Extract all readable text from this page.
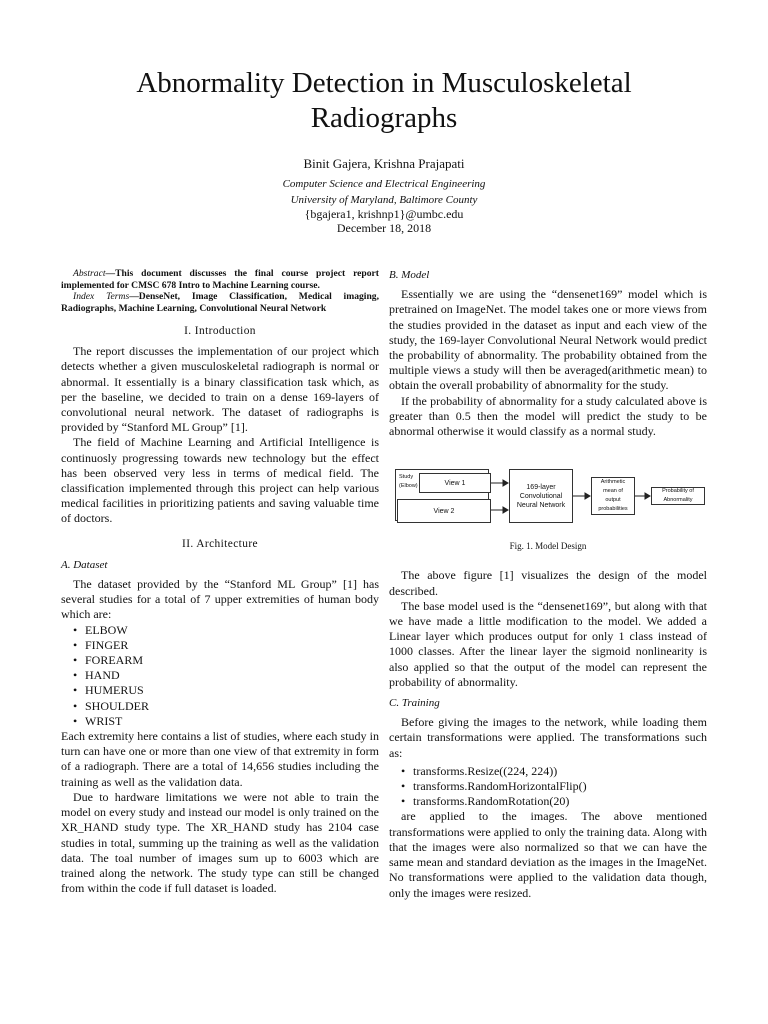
Abnormality Detection in Musculoskeletal Radiographs
Binit Gajera, Krishna Prajapati
Computer Science and Electrical Engineering
University of Maryland, Baltimore County
{bgajera1, krishnp1}@umbc.edu
December 18, 2018

Abstract—This document discusses the final course project report implemented for CMSC 678 Intro to Machine Learning course.

Index Terms—DenseNet, Image Classification, Medical imaging, Radiographs, Machine Learning, Convolutional Neural Network

I. Introduction

The report discusses the implementation of our project which detects whether a given musculoskeletal radiograph is normal or abnormal. It essentially is a binary classification task which, as per the baseline, we decided to train on a dense 169-layers of convolutional neural network. The dataset of radiographs is provided by “Stanford ML Group” [1].

The field of Machine Learning and Artificial Intelligence is continuosly progressing towards new technology but the effect has been observed very less in terms of medical field. The classification implemented through this project can help various medical facilities in prioritizing patients and saving valuable time of doctors.

II. Architecture
A. Dataset

The dataset provided by the “Stanford ML Group” [1] has several studies for a total of 7 upper extremities of human body which are:

• ELBOW
• FINGER
• FOREARM
• HAND
• HUMERUS
• SHOULDER
• WRIST

Each extremity here contains a list of studies, where each study in turn can have one or more than one view of that extremity in form of a radiograph. There are a total of 14,656 studies including the training as well as the validation data.

Due to hardware limitations we were not able to train the model on every study and instead our model is only trained on the XR_HAND study type. The XR_HAND study has 2104 case studies in total, summing up the training as well as the validation data. The toal number of images sum up to 6003 which are trained along the network. The study type can still be changed from within the code if full dataset is loaded.

B. Model

Essentially we are using the “densenet169” model which is pretrained on ImageNet. The model takes one or more views from the studies provided in the dataset as input and each view of the study, the 169-layer Convolutional Neural Network would predict the probability of abnormality. The probability obtained from the multiple views a study will then be averaged(arithmetic mean) to obtain the overall probability of abnormality for the study.

If the probability of abnormality for a study calculated above is greater than 0.5 then the model will predict the study to be abnormal otherwise it would classify as a normal study.

Study (Elbow)	View 1
View 2
169-layer Convolutional Neural Network
Arithmetic mean of output probabilities
Probability of Abnormality
Fig. 1. Model Design

The above figure [1] visualizes the design of the model described.

The base model used is the “densenet169”, but along with that we have made a little modification to the model. We added a Linear layer which produces output for only 1 class instead of 1000 classes. After the linear layer the sigmoid nonlinearity is also applied so that the output of the model can represent the probability of abnormality.

C. Training

Before giving the images to the network, while loading them certain transformations were applied. The transformations such as:

• transforms.Resize((224, 224))
• transforms.RandomHorizontalFlip()
• transforms.RandomRotation(20)

are applied to the images. The above mentioned transformations were applied to only the training data. Along with that the images were also normalized so that we can have the same mean and standard deviation as the images in the ImageNet. No transformations were applied to the validation data though, only the images were resized.
